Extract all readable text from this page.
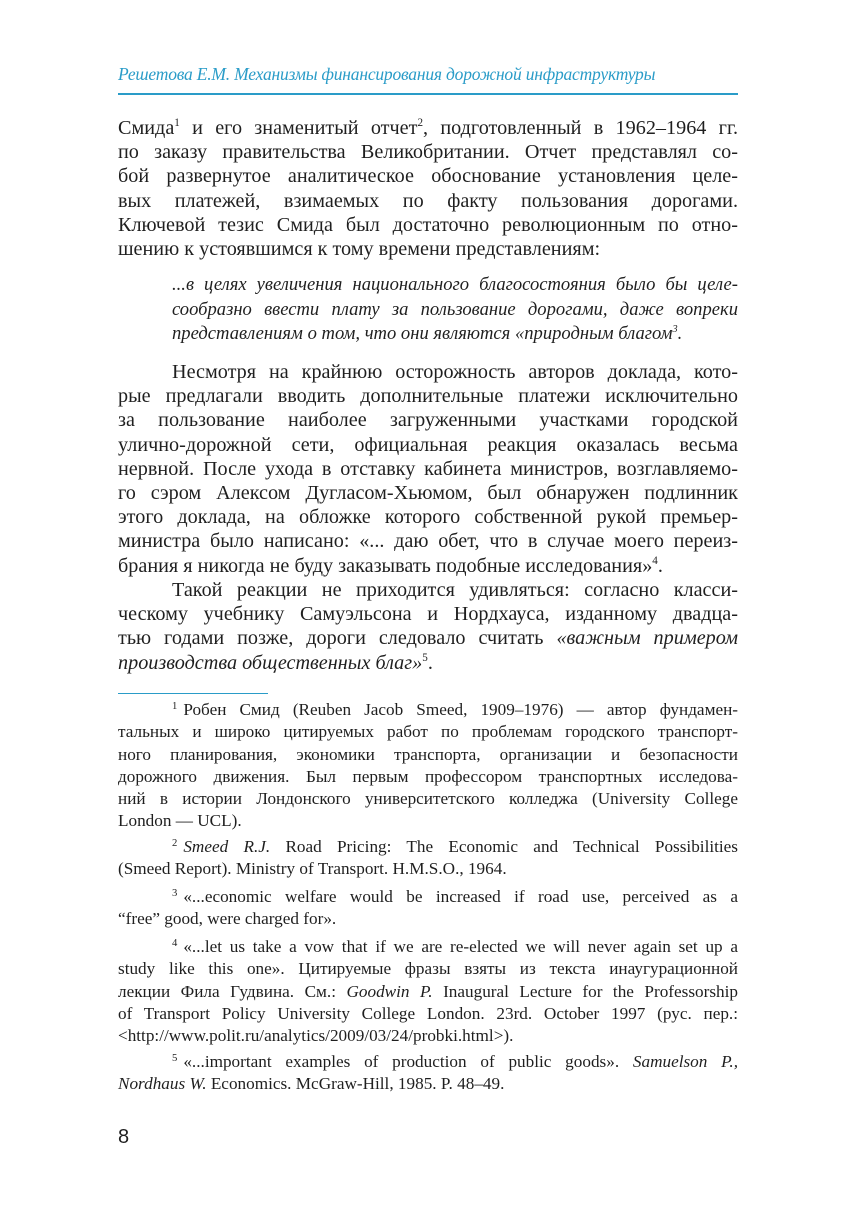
Решетова Е.М. Механизмы финансирования дорожной инфраструктуры
Смида$^1$ и его знаменитый отчет$^2$, подготовленный в 1962–1964 гг.
по заказу правительства Великобритании. Отчет представлял со-
бой развернутое аналитическое обоснование установления целе-
вых платежей, взимаемых по факту пользования дорогами.
Ключевой тезис Смида был достаточно революционным по отно-
шению к устоявшимся к тому времени представлениям:
...в целях увеличения национального благосостояния было бы целе-
сообразно ввести плату за пользование дорогами, даже вопреки
представлениям о том, что они являются «природным благом$^3$.
Несмотря на крайнюю осторожность авторов доклада, кото-
рые предлагали вводить дополнительные платежи исключительно
за пользование наиболее загруженными участками городской
улично-дорожной сети, официальная реакция оказалась весьма
нервной. После ухода в отставку кабинета министров, возглавляемо-
го сэром Алексом Дугласом-Хьюмом, был обнаружен подлинник
этого доклада, на обложке которого собственной рукой премьер-
министра было написано: «... даю обет, что в случае моего переиз-
брания я никогда не буду заказывать подобные исследования»$^4$.
Такой реакции не приходится удивляться: согласно класси-
ческому учебнику Самуэльсона и Нордхауса, изданному двадца-
тью годами позже, дороги следовало считать «важным примером
производства общественных благ»$^5$.
$^1$ Робен Смид (Reuben Jacob Smeed, 1909–1976) — автор фундамен-
тальных и широко цитируемых работ по проблемам городского транспорт-
ного планирования, экономики транспорта, организации и безопасности
дорожного движения. Был первым профессором транспортных исследова-
ний в истории Лондонского университетского колледжа (University College
London — UCL).
$^2$ Smeed R.J. Road Pricing: The Economic and Technical Possibilities
(Smeed Report). Ministry of Transport. H.M.S.O., 1964.
$^3$ «...economic welfare would be increased if road use, perceived as a
“free” good, were charged for».
$^4$ «...let us take a vow that if we are re-elected we will never again set up a
study like this one». Цитируемые фразы взяты из текста инаугурационной
лекции Фила Гудвина. См.: Goodwin P. Inaugural Lecture for the Professorship
of Transport Policy University College London. 23rd. October 1997 (рус. пер.:
<http://www.polit.ru/analytics/2009/03/24/probki.html>).
$^5$ «...important examples of production of public goods». Samuelson P.,
Nordhaus W. Economics. McGraw-Hill, 1985. P. 48–49.
8
